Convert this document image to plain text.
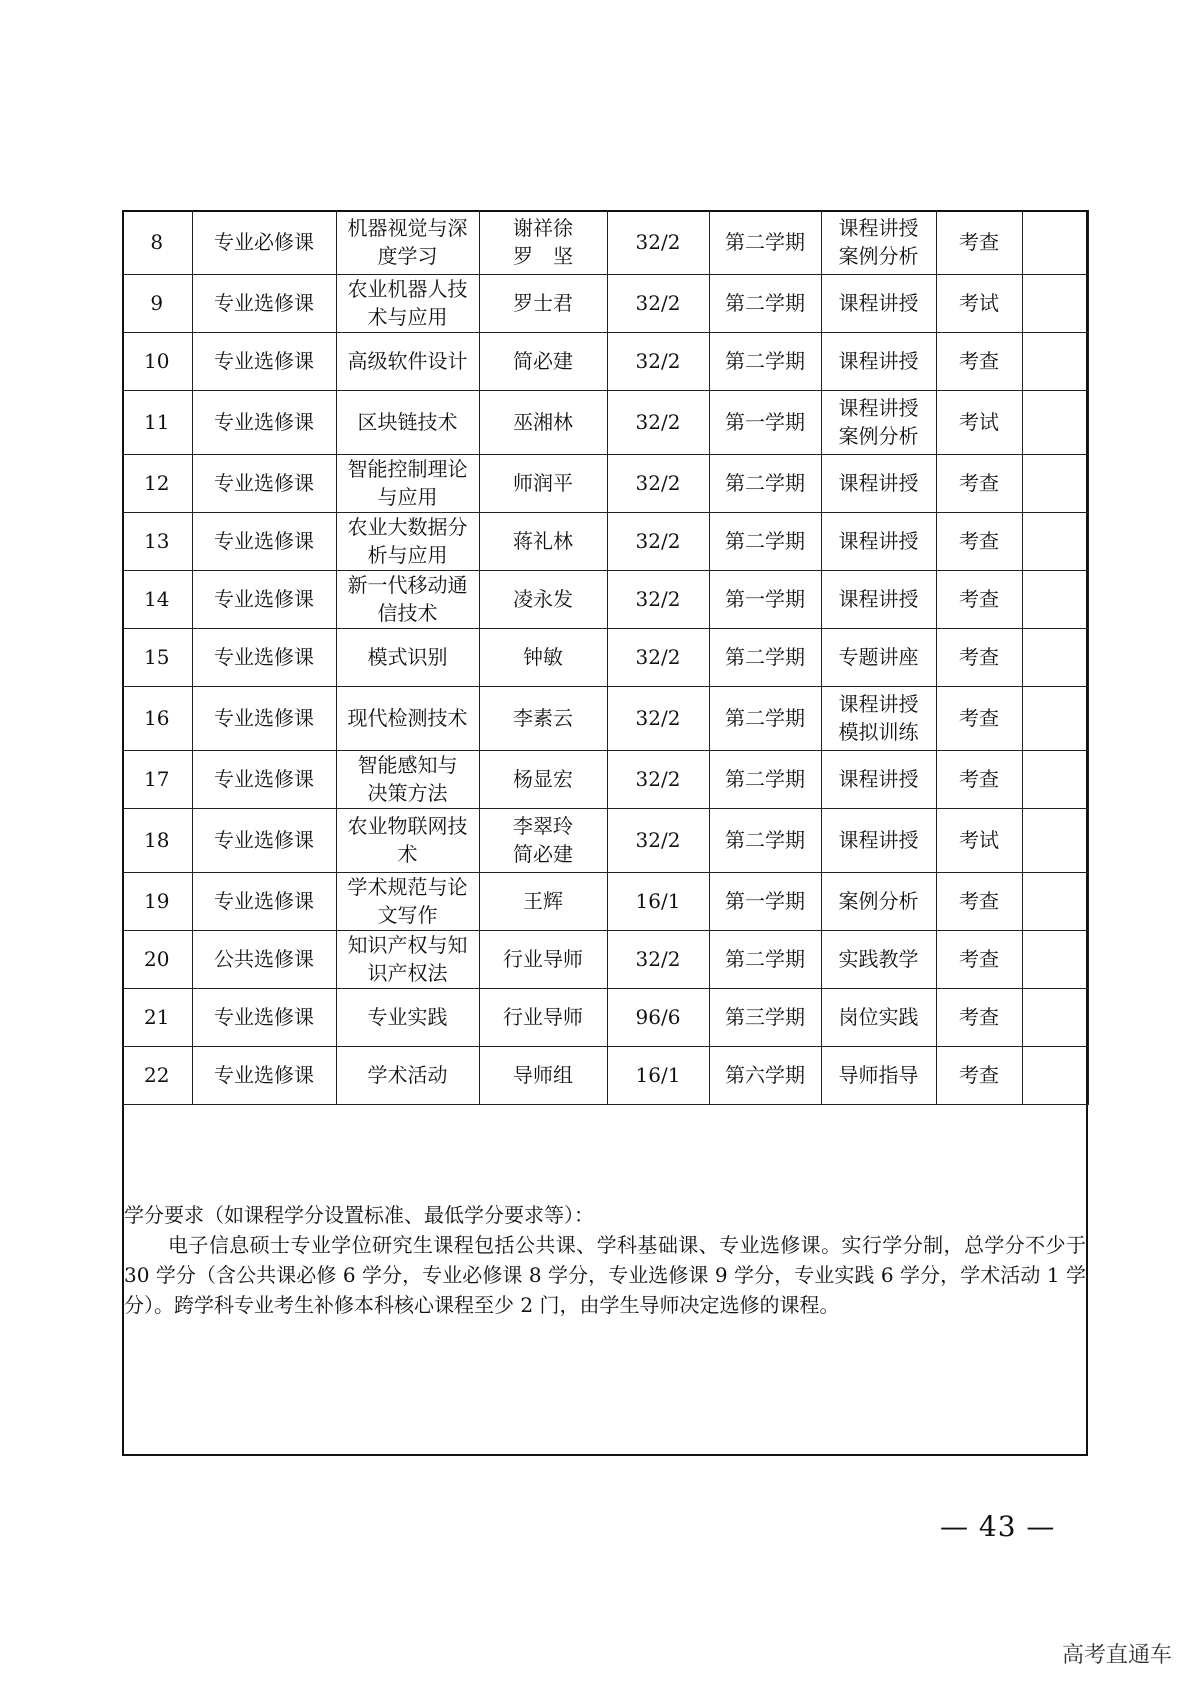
8	专业必修课	机器视觉与深
度学习	谢祥徐
罗　坚	32/2	第二学期	课程讲授
案例分析	考查	
9	专业选修课	农业机器人技
术与应用	罗士君	32/2	第二学期	课程讲授	考试	
10	专业选修课	高级软件设计	简必建	32/2	第二学期	课程讲授	考查	
11	专业选修课	区块链技术	巫湘林	32/2	第一学期	课程讲授
案例分析	考试	
12	专业选修课	智能控制理论
与应用	师润平	32/2	第二学期	课程讲授	考查	
13	专业选修课	农业大数据分
析与应用	蒋礼林	32/2	第二学期	课程讲授	考查	
14	专业选修课	新一代移动通
信技术	凌永发	32/2	第一学期	课程讲授	考查	
15	专业选修课	模式识别	钟敏	32/2	第二学期	专题讲座	考查	
16	专业选修课	现代检测技术	李素云	32/2	第二学期	课程讲授
模拟训练	考查	
17	专业选修课	智能感知与
决策方法	杨显宏	32/2	第二学期	课程讲授	考查	
18	专业选修课	农业物联网技
术	李翠玲
简必建	32/2	第二学期	课程讲授	考试	
19	专业选修课	学术规范与论
文写作	王辉	16/1	第一学期	案例分析	考查	
20	公共选修课	知识产权与知
识产权法	行业导师	32/2	第二学期	实践教学	考查	
21	专业选修课	专业实践	行业导师	96/6	第三学期	岗位实践	考查	
22	专业选修课	学术活动	导师组	16/1	第六学期	导师指导	考查	
学分要求（如课程学分设置标准、最低学分要求等）：
电子信息硕士专业学位研究生课程包括公共课、学科基础课、专业选修课。实行学分制，总学分不少于 30 学分（含公共课必修 6 学分，专业必修课 8 学分，专业选修课 9 学分，专业实践 6 学分，学术活动 1 学分）。跨学科专业考生补修本科核心课程至少 2 门，由学生导师决定选修的课程。
— 43 —
高考直通车
